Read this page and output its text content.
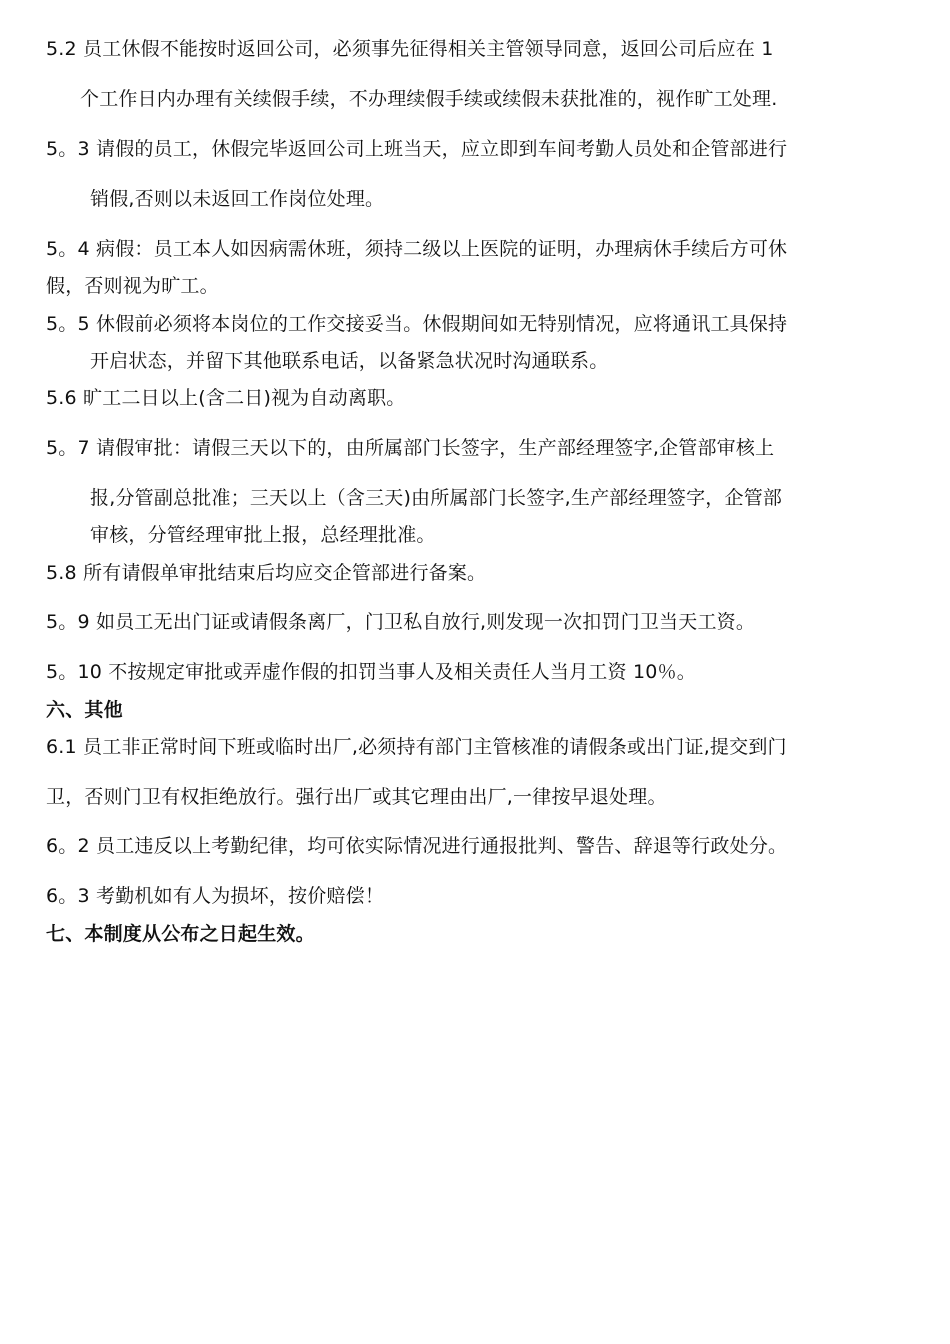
5.2 员工休假不能按时返回公司，必须事先征得相关主管领导同意，返回公司后应在 1
个工作日内办理有关续假手续，不办理续假手续或续假未获批准的，视作旷工处理.
5。3 请假的员工，休假完毕返回公司上班当天，应立即到车间考勤人员处和企管部进行
销假,否则以未返回工作岗位处理。
5。4 病假：员工本人如因病需休班，须持二级以上医院的证明，办理病休手续后方可休
假，否则视为旷工。
5。5 休假前必须将本岗位的工作交接妥当。休假期间如无特别情况，应将通讯工具保持
开启状态，并留下其他联系电话，以备紧急状况时沟通联系。
5.6 旷工二日以上(含二日)视为自动离职。
5。7 请假审批：请假三天以下的，由所属部门长签字，生产部经理签字,企管部审核上
报,分管副总批准；三天以上（含三天)由所属部门长签字,生产部经理签字，企管部
审核，分管经理审批上报，总经理批准。
5.8 所有请假单审批结束后均应交企管部进行备案。
5。9 如员工无出门证或请假条离厂，门卫私自放行,则发现一次扣罚门卫当天工资。
5。10 不按规定审批或弄虚作假的扣罚当事人及相关责任人当月工资 10％。
六、其他
6.1 员工非正常时间下班或临时出厂,必须持有部门主管核准的请假条或出门证,提交到门
卫，否则门卫有权拒绝放行。强行出厂或其它理由出厂,一律按早退处理。
6。2 员工违反以上考勤纪律，均可依实际情况进行通报批判、警告、辞退等行政处分。
6。3 考勤机如有人为损坏，按价赔偿！
七、本制度从公布之日起生效。
